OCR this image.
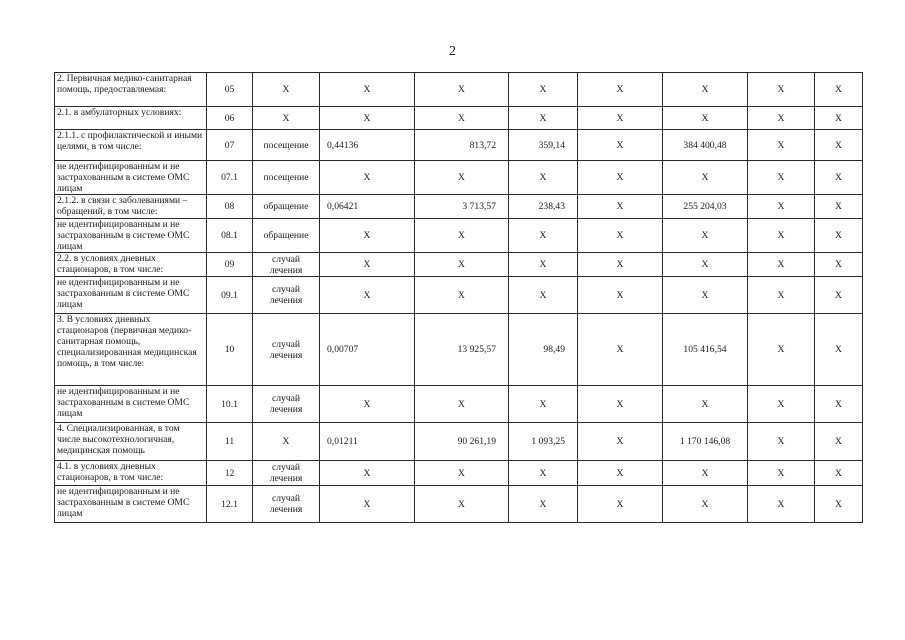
2
2. Первичная медико-санитарная помощь, предоставляемая:	05	Х	Х	Х	Х	Х	Х	Х	Х
2.1. в амбулаторных условиях:	06	Х	Х	Х	Х	Х	Х	Х	Х
2.1.1. с профилактической и иными целями, в том числе:	07	посещение	0,44136	813,72	359,14	Х	384 400,48	Х	Х
не идентифицированным и не застрахованным в системе ОМС лицам	07.1	посещение	Х	Х	Х	Х	Х	Х	Х
2.1.2. в связи с заболеваниями – обращений, в том числе:	08	обращение	0,06421	3 713,57	238,43	Х	255 204,03	Х	Х
не идентифицированным и не застрахованным в системе ОМС лицам	08.1	обращение	Х	Х	Х	Х	Х	Х	Х
2.2. в условиях дневных стационаров, в том числе:	09	случай лечения	Х	Х	Х	Х	Х	Х	Х
не идентифицированным и не застрахованным в системе ОМС лицам	09.1	случай лечения	Х	Х	Х	Х	Х	Х	Х
3. В условиях дневных стационаров (первичная медико-санитарная помощь, специализированная медицинская помощь, в том числе:	10	случай лечения	0,00707	13 925,57	98,49	Х	105 416,54	Х	Х
не идентифицированным и не застрахованным в системе ОМС лицам	10.1	случай лечения	Х	Х	Х	Х	Х	Х	Х
4. Специализированная, в том числе высокотехнологичная, медицинская помощь	11	Х	0,01211	90 261,19	1 093,25	Х	1 170 146,08	Х	Х
4.1. в условиях дневных стационаров, в том числе:	12	случай лечения	Х	Х	Х	Х	Х	Х	Х
не идентифицированным и не застрахованным в системе ОМС лицам	12.1	случай лечения	Х	Х	Х	Х	Х	Х	Х
